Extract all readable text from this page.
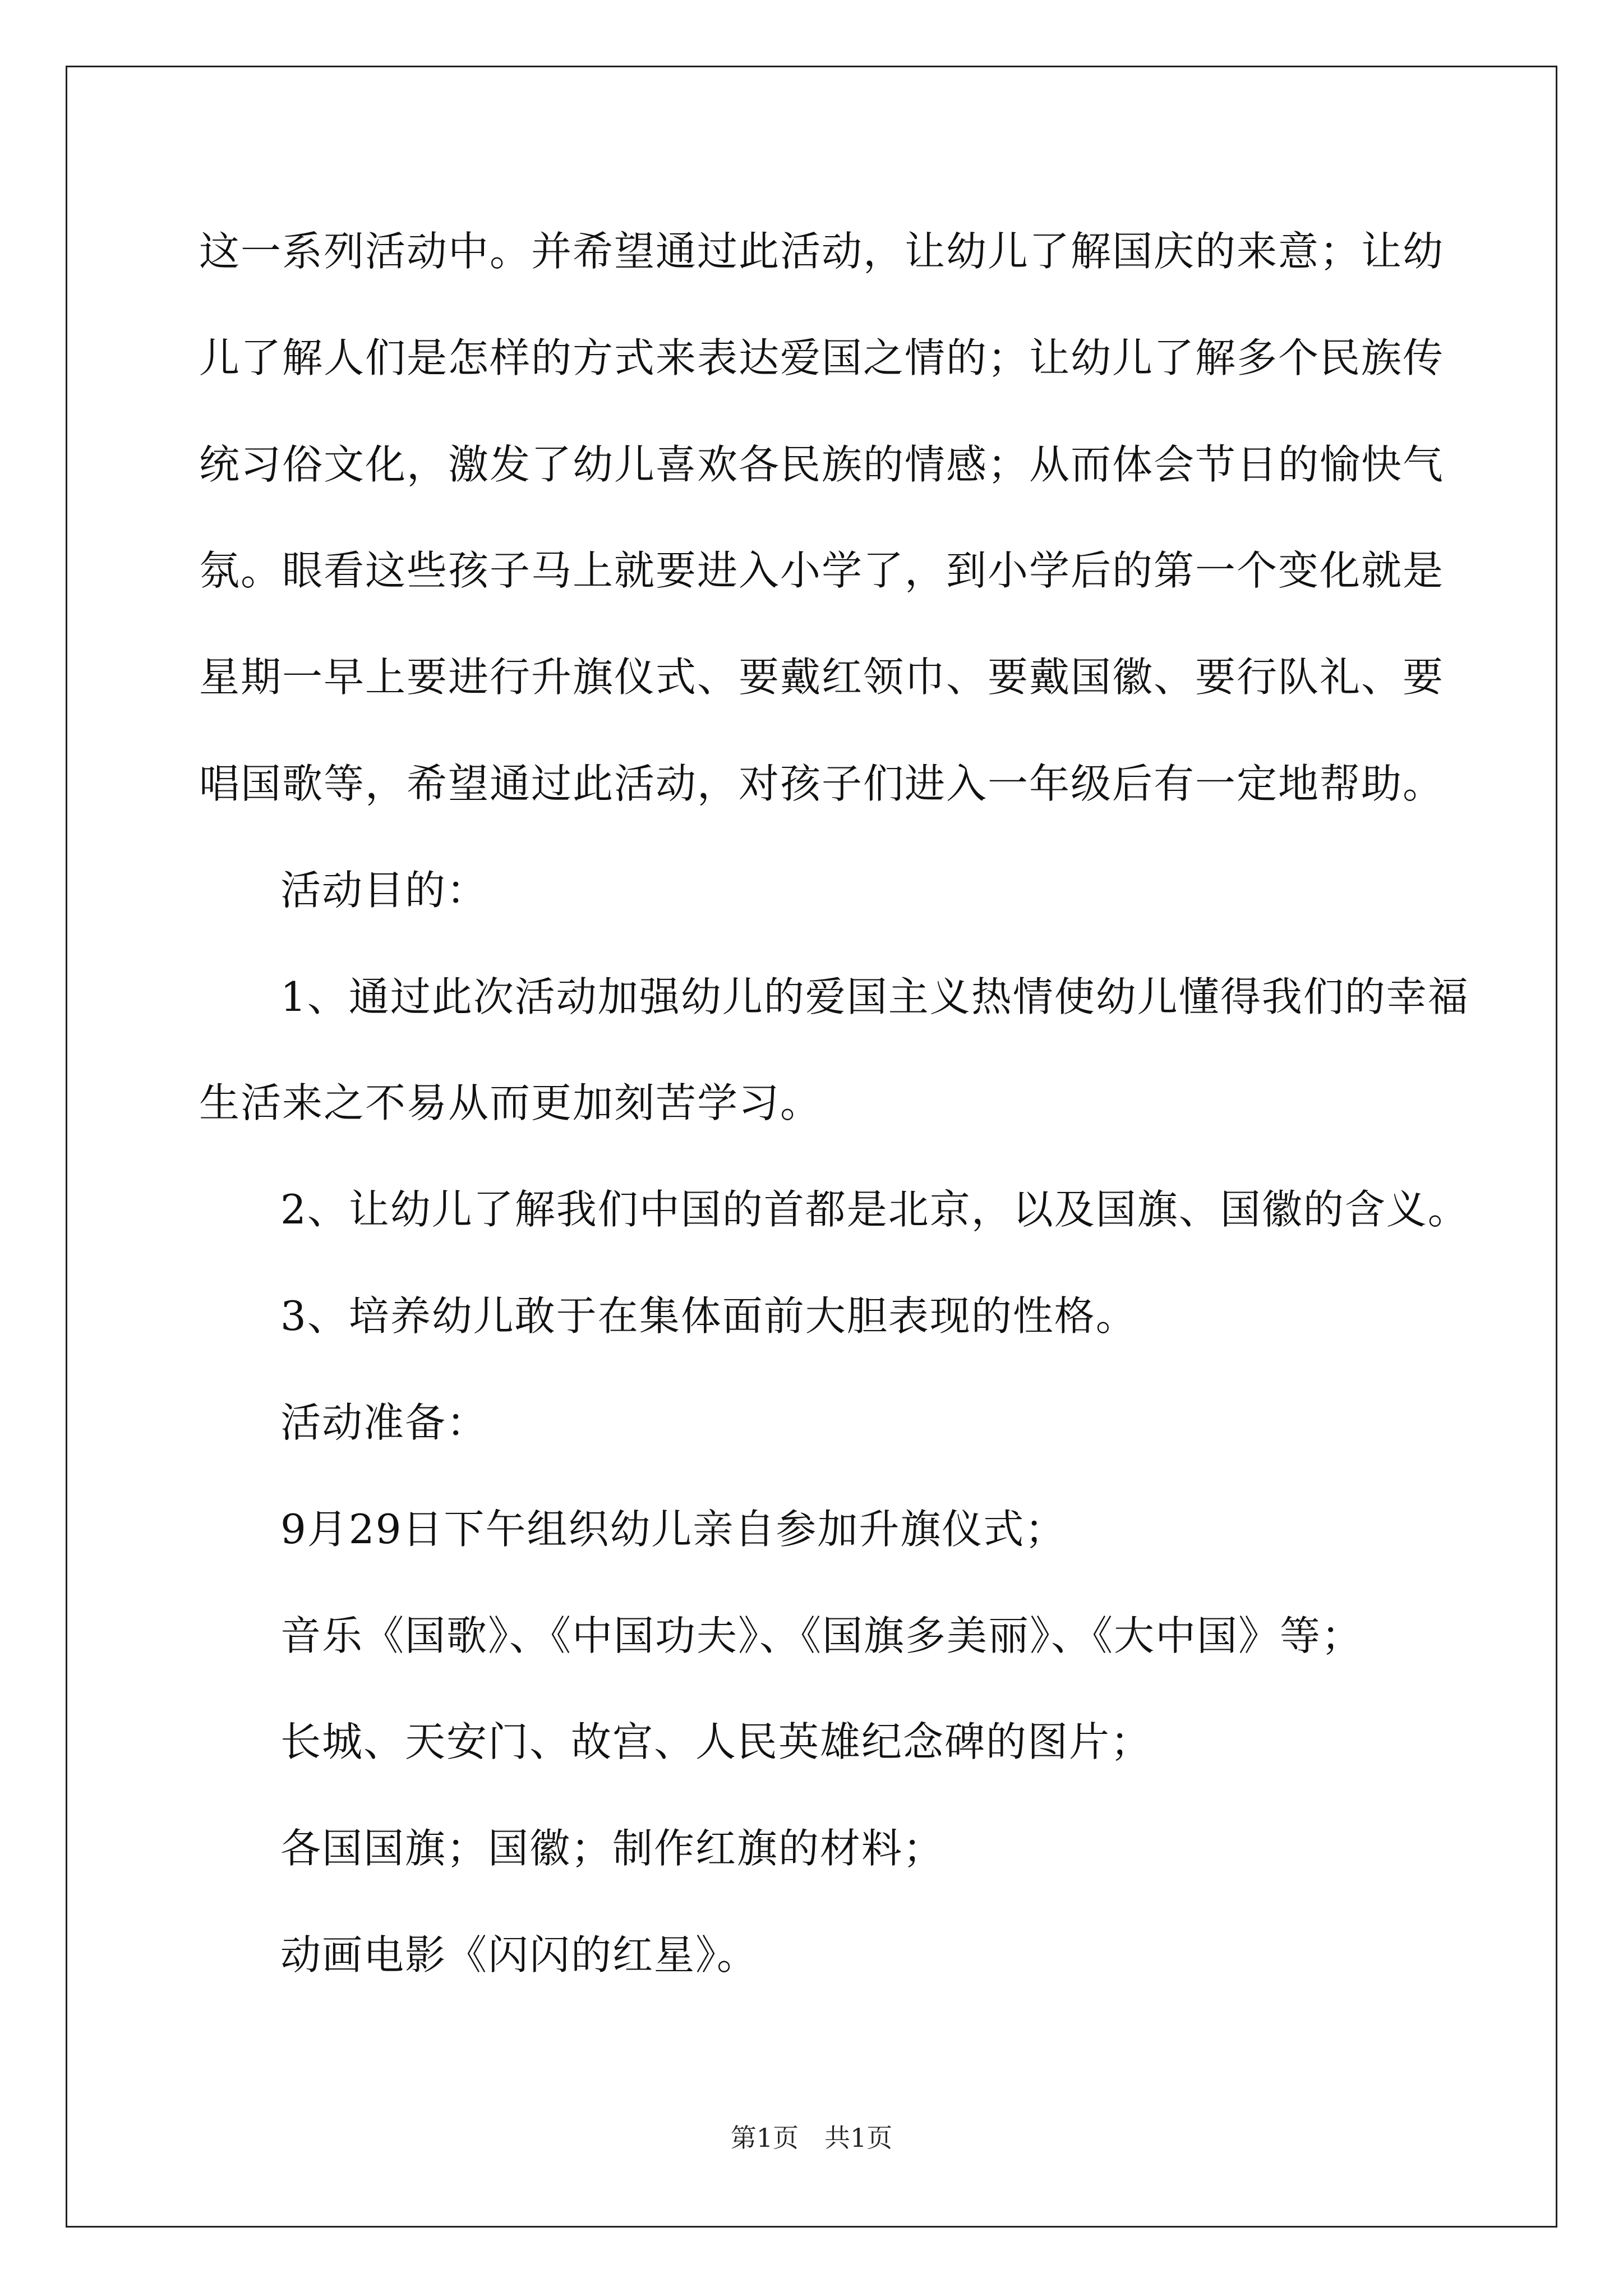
这一系列活动中。并希望通过此活动，让幼儿了解国庆的来意；让幼
儿了解人们是怎样的方式来表达爱国之情的；让幼儿了解多个民族传
统习俗文化，激发了幼儿喜欢各民族的情感；从而体会节日的愉快气
氛。眼看这些孩子马上就要进入小学了，到小学后的第一个变化就是
星期一早上要进行升旗仪式、要戴红领巾、要戴国徽、要行队礼、要
唱国歌等，希望通过此活动，对孩子们进入一年级后有一定地帮助。
活动目的：
1、通过此次活动加强幼儿的爱国主义热情使幼儿懂得我们的幸福
生活来之不易从而更加刻苦学习。
2、让幼儿了解我们中国的首都是北京，以及国旗、国徽的含义。
3、培养幼儿敢于在集体面前大胆表现的性格。
活动准备：
9月29日下午组织幼儿亲自参加升旗仪式；
音乐《国歌》、《中国功夫》、《国旗多美丽》、《大中国》等；
长城、天安门、故宫、人民英雄纪念碑的图片；
各国国旗；国徽；制作红旗的材料；
动画电影《闪闪的红星》。
第1页　共1页
